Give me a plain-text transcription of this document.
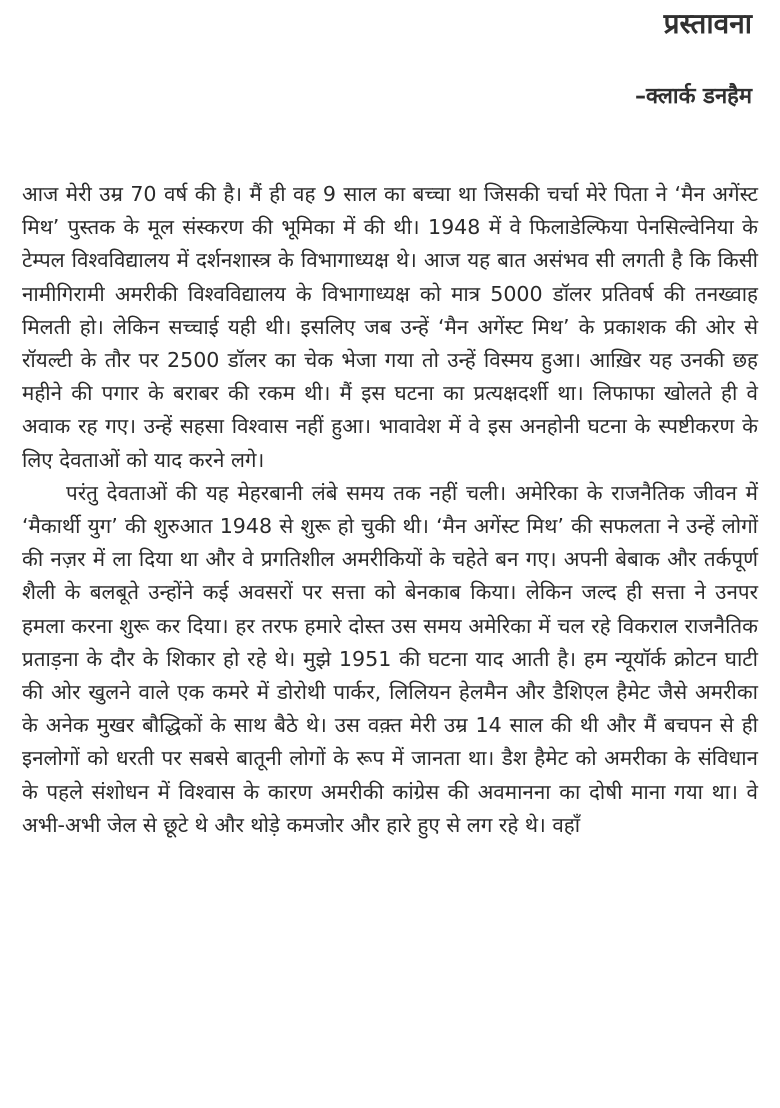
प्रस्तावना

–क्लार्क डनहैम

आज मेरी उम्र 70 वर्ष की है। मैं ही वह 9 साल का बच्चा था जिसकी चर्चा मेरे पिता ने ‘मैन अगेंस्ट मिथ’ पुस्तक के मूल संस्करण की भूमिका में की थी। 1948 में वे फिलाडेल्फिया पेनसिल्वेनिया के टेम्पल विश्वविद्यालय में दर्शनशास्त्र के विभागाध्यक्ष थे। आज यह बात असंभव सी लगती है कि किसी नामीगिरामी अमरीकी विश्वविद्यालय के विभागाध्यक्ष को मात्र 5000 डॉलर प्रतिवर्ष की तनख्वाह मिलती हो। लेकिन सच्चाई यही थी। इसलिए जब उन्हें ‘मैन अगेंस्ट मिथ’ के प्रकाशक की ओर से रॉयल्टी के तौर पर 2500 डॉलर का चेक भेजा गया तो उन्हें विस्मय हुआ। आख़िर यह उनकी छह महीने की पगार के बराबर की रकम थी। मैं इस घटना का प्रत्यक्षदर्शी था। लिफाफा खोलते ही वे अवाक रह गए। उन्हें सहसा विश्वास नहीं हुआ। भावावेश में वे इस अनहोनी घटना के स्पष्टीकरण के लिए देवताओं को याद करने लगे।

परंतु देवताओं की यह मेहरबानी लंबे समय तक नहीं चली। अमेरिका के राजनैतिक जीवन में ‘मैकार्थी युग’ की शुरुआत 1948 से शुरू हो चुकी थी। ‘मैन अगेंस्ट मिथ’ की सफलता ने उन्हें लोगों की नज़र में ला दिया था और वे प्रगतिशील अमरीकियों के चहेते बन गए। अपनी बेबाक और तर्कपूर्ण शैली के बलबूते उन्होंने कई अवसरों पर सत्ता को बेनकाब किया। लेकिन जल्द ही सत्ता ने उनपर हमला करना शुरू कर दिया। हर तरफ हमारे दोस्त उस समय अमेरिका में चल रहे विकराल राजनैतिक प्रताड़ना के दौर के शिकार हो रहे थे। मुझे 1951 की घटना याद आती है। हम न्यूयॉर्क क्रोटन घाटी की ओर खुलने वाले एक कमरे में डोरोथी पार्कर, लिलियन हेलमैन और डैशिएल हैमेट जैसे अमरीका के अनेक मुखर बौद्धिकों के साथ बैठे थे। उस वक़्त मेरी उम्र 14 साल की थी और मैं बचपन से ही इनलोगों को धरती पर सबसे बातूनी लोगों के रूप में जानता था। डैश हैमेट को अमरीका के संविधान के पहले संशोधन में विश्वास के कारण अमरीकी कांग्रेस की अवमानना का दोषी माना गया था। वे अभी-अभी जेल से छूटे थे और थोड़े कमजोर और हारे हुए से लग रहे थे। वहाँ
